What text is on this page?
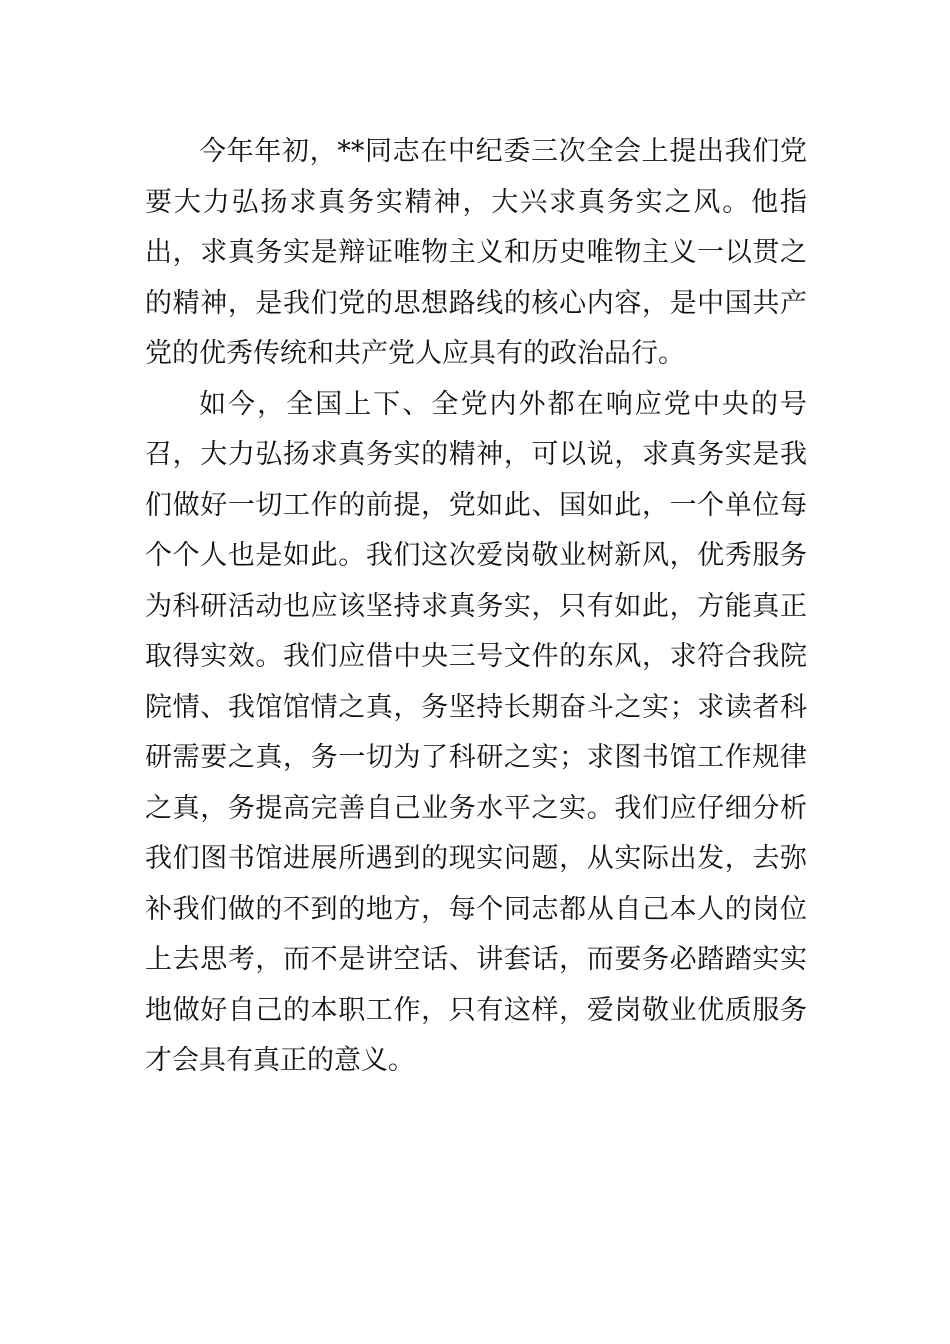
今年年初，**同志在中纪委三次全会上提出我们党要大力弘扬求真务实精神，大兴求真务实之风。他指出，求真务实是辩证唯物主义和历史唯物主义一以贯之的精神，是我们党的思想路线的核心内容，是中国共产党的优秀传统和共产党人应具有的政治品行。

如今，全国上下、全党内外都在响应党中央的号召，大力弘扬求真务实的精神，可以说，求真务实是我们做好一切工作的前提，党如此、国如此，一个单位每个个人也是如此。我们这次爱岗敬业树新风，优秀服务为科研活动也应该坚持求真务实，只有如此，方能真正取得实效。我们应借中央三号文件的东风，求符合我院院情、我馆馆情之真，务坚持长期奋斗之实；求读者科研需要之真，务一切为了科研之实；求图书馆工作规律之真，务提高完善自己业务水平之实。我们应仔细分析我们图书馆进展所遇到的现实问题，从实际出发，去弥补我们做的不到的地方，每个同志都从自己本人的岗位上去思考，而不是讲空话、讲套话，而要务必踏踏实实地做好自己的本职工作，只有这样，爱岗敬业优质服务才会具有真正的意义。
